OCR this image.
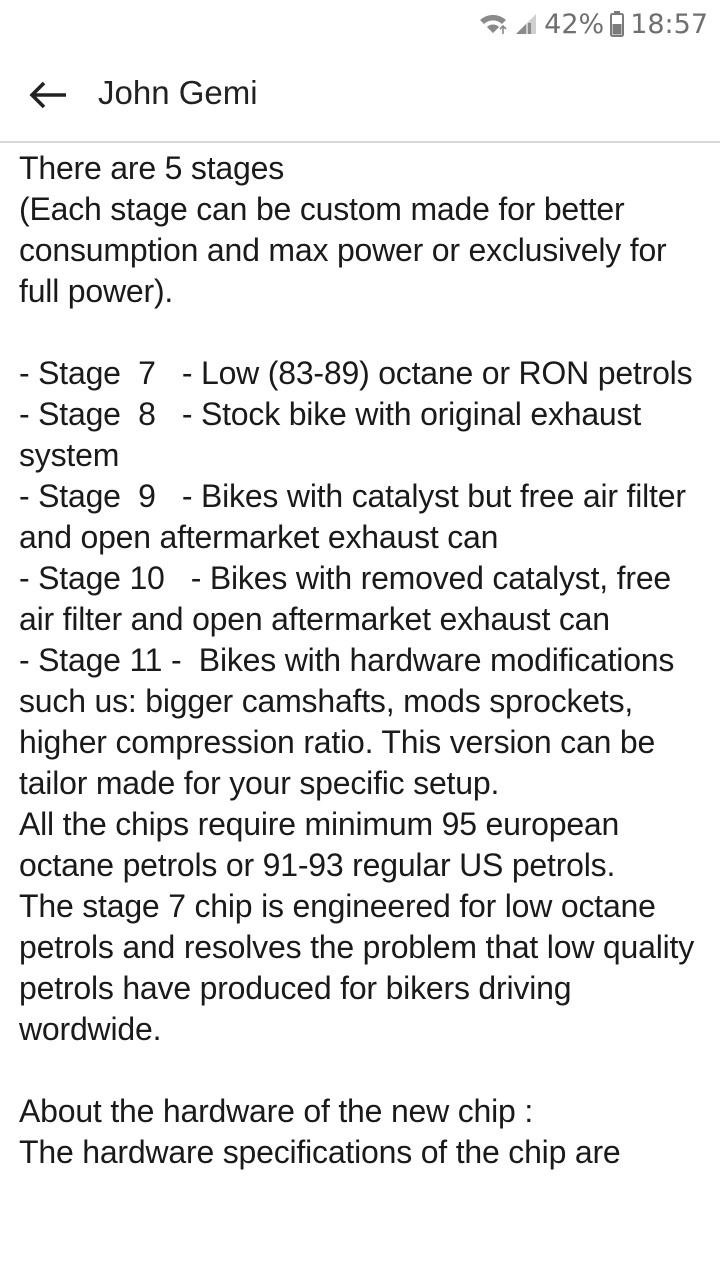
42% 18:57
John Gemi

There are 5 stages
(Each stage can be custom made for better consumption and max power or exclusively for full power).

- Stage  7   - Low (83-89) octane or RON petrols
- Stage  8   - Stock bike with original exhaust system
- Stage  9   - Bikes with catalyst but free air filter and open aftermarket exhaust can
- Stage 10   - Bikes with removed catalyst, free air filter and open aftermarket exhaust can
- Stage 11 -  Bikes with hardware modifications such us: bigger camshafts, mods sprockets, higher compression ratio. This version can be tailor made for your specific setup.
All the chips require minimum 95 european octane petrols or 91-93 regular US petrols.
The stage 7 chip is engineered for low octane petrols and resolves the problem that low quality petrols have produced for bikers driving wordwide.

About the hardware of the new chip :
The hardware specifications of the chip are
